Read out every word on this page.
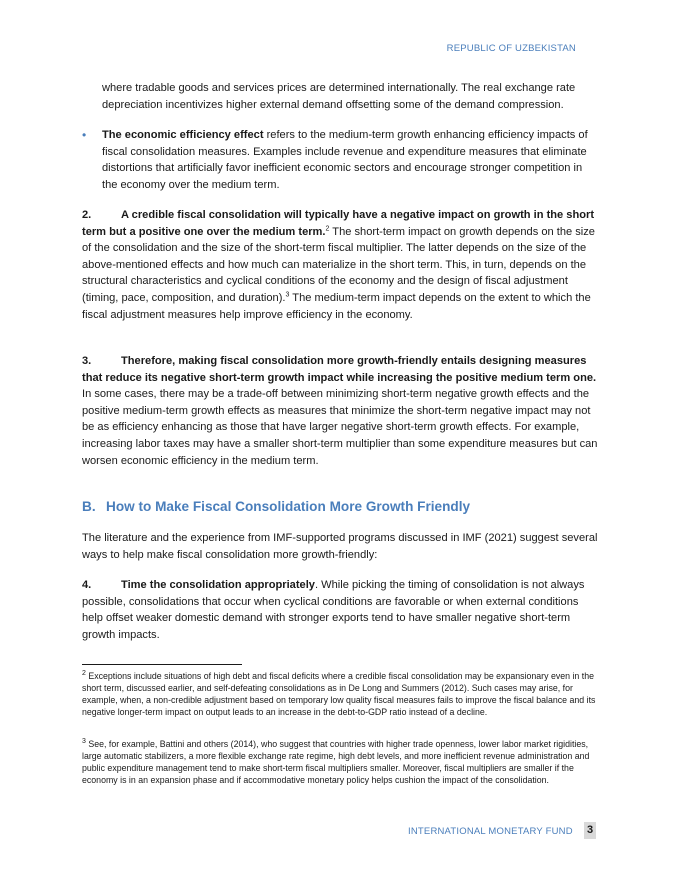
REPUBLIC OF UZBEKISTAN

where tradable goods and services prices are determined internationally. The real exchange rate depreciation incentivizes higher external demand offsetting some of the demand compression.

• The economic efficiency effect refers to the medium-term growth enhancing efficiency impacts of fiscal consolidation measures. Examples include revenue and expenditure measures that eliminate distortions that artificially favor inefficient economic sectors and encourage stronger competition in the economy over the medium term.

2.	A credible fiscal consolidation will typically have a negative impact on growth in the short term but a positive one over the medium term.$^2$ The short-term impact on growth depends on the size of the consolidation and the size of the short-term fiscal multiplier. The latter depends on the size of the above-mentioned effects and how much can materialize in the short term. This, in turn, depends on the structural characteristics and cyclical conditions of the economy and the design of fiscal adjustment (timing, pace, composition, and duration).$^3$ The medium-term impact depends on the extent to which the fiscal adjustment measures help improve efficiency in the economy.

3.	Therefore, making fiscal consolidation more growth-friendly entails designing measures that reduce its negative short-term growth impact while increasing the positive medium term one. In some cases, there may be a trade-off between minimizing short-term negative growth effects and the positive medium-term growth effects as measures that minimize the short-term negative impact may not be as efficiency enhancing as those that have larger negative short-term growth effects. For example, increasing labor taxes may have a smaller short-term multiplier than some expenditure measures but can worsen economic efficiency in the medium term.

B. How to Make Fiscal Consolidation More Growth Friendly

The literature and the experience from IMF-supported programs discussed in IMF (2021) suggest several ways to help make fiscal consolidation more growth-friendly:

4.	Time the consolidation appropriately. While picking the timing of consolidation is not always possible, consolidations that occur when cyclical conditions are favorable or when external conditions help offset weaker domestic demand with stronger exports tend to have smaller negative short-term growth impacts.

$^2$ Exceptions include situations of high debt and fiscal deficits where a credible fiscal consolidation may be expansionary even in the short term, discussed earlier, and self-defeating consolidations as in De Long and Summers (2012). Such cases may arise, for example, when, a non-credible adjustment based on temporary low quality fiscal measures fails to improve the fiscal balance and its negative longer-term impact on output leads to an increase in the debt-to-GDP ratio instead of a decline.

$^3$ See, for example, Battini and others (2014), who suggest that countries with higher trade openness, lower labor market rigidities, large automatic stabilizers, a more flexible exchange rate regime, high debt levels, and more inefficient revenue administration and public expenditure management tend to make short-term fiscal multipliers smaller. Moreover, fiscal multipliers are smaller if the economy is in an expansion phase and if accommodative monetary policy helps cushion the impact of the consolidation.

INTERNATIONAL MONETARY FUND 3
